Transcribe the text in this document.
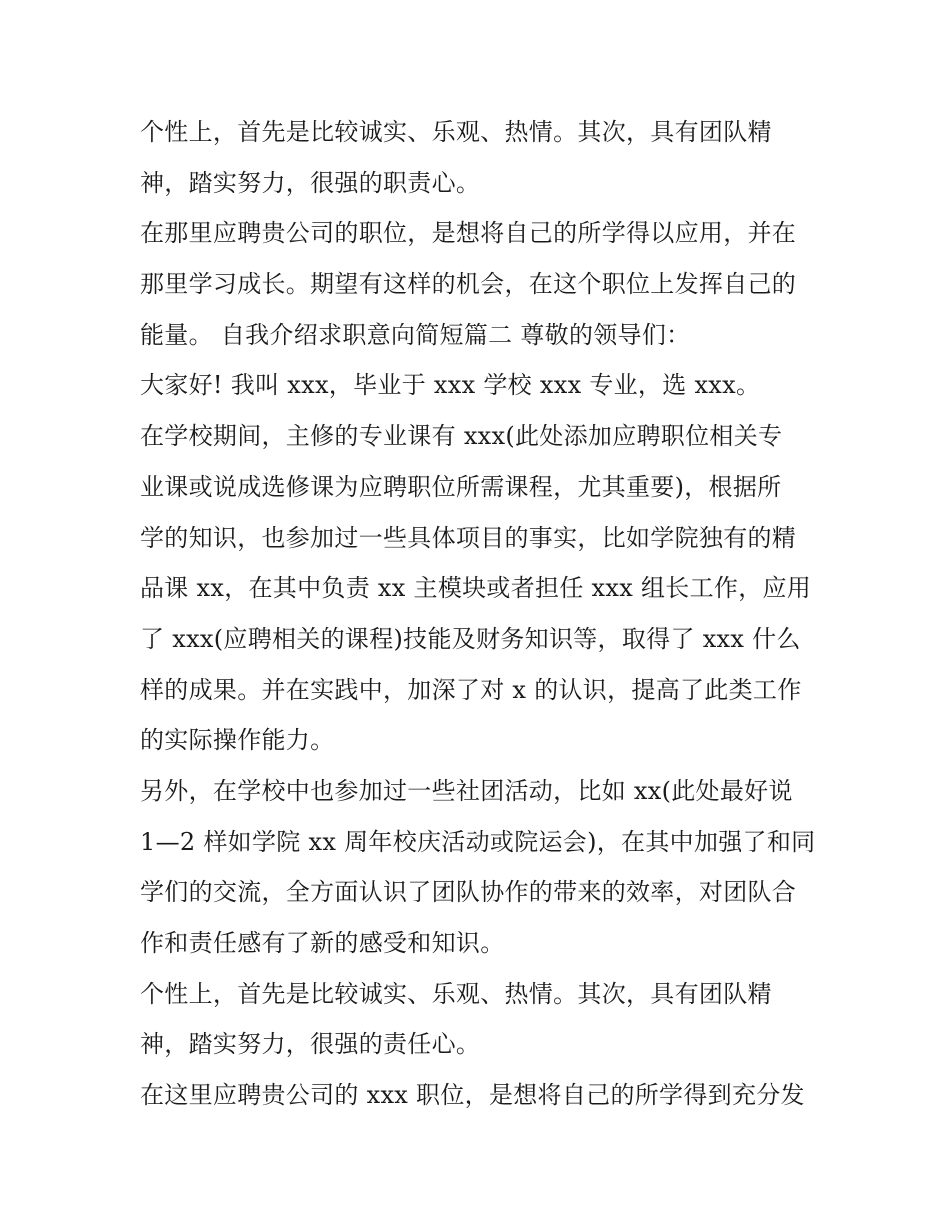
个性上，首先是比较诚实、乐观、热情。其次，具有团队精
神，踏实努力，很强的职责心。
在那里应聘贵公司的职位，是想将自己的所学得以应用，并在
那里学习成长。期望有这样的机会，在这个职位上发挥自己的
能量。 自我介绍求职意向简短篇二 尊敬的领导们：
大家好! 我叫 xxx，毕业于 xxx 学校 xxx 专业，选 xxx。
在学校期间，主修的专业课有 xxx(此处添加应聘职位相关专
业课或说成选修课为应聘职位所需课程，尤其重要)，根据所
学的知识，也参加过一些具体项目的事实，比如学院独有的精
品课 xx，在其中负责 xx 主模块或者担任 xxx 组长工作，应用
了 xxx(应聘相关的课程)技能及财务知识等，取得了 xxx 什么
样的成果。并在实践中，加深了对 x 的认识，提高了此类工作
的实际操作能力。
另外，在学校中也参加过一些社团活动，比如 xx(此处最好说
1—2 样如学院 xx 周年校庆活动或院运会)，在其中加强了和同
学们的交流，全方面认识了团队协作的带来的效率，对团队合
作和责任感有了新的感受和知识。
个性上，首先是比较诚实、乐观、热情。其次，具有团队精
神，踏实努力，很强的责任心。
在这里应聘贵公司的 xxx 职位，是想将自己的所学得到充分发
